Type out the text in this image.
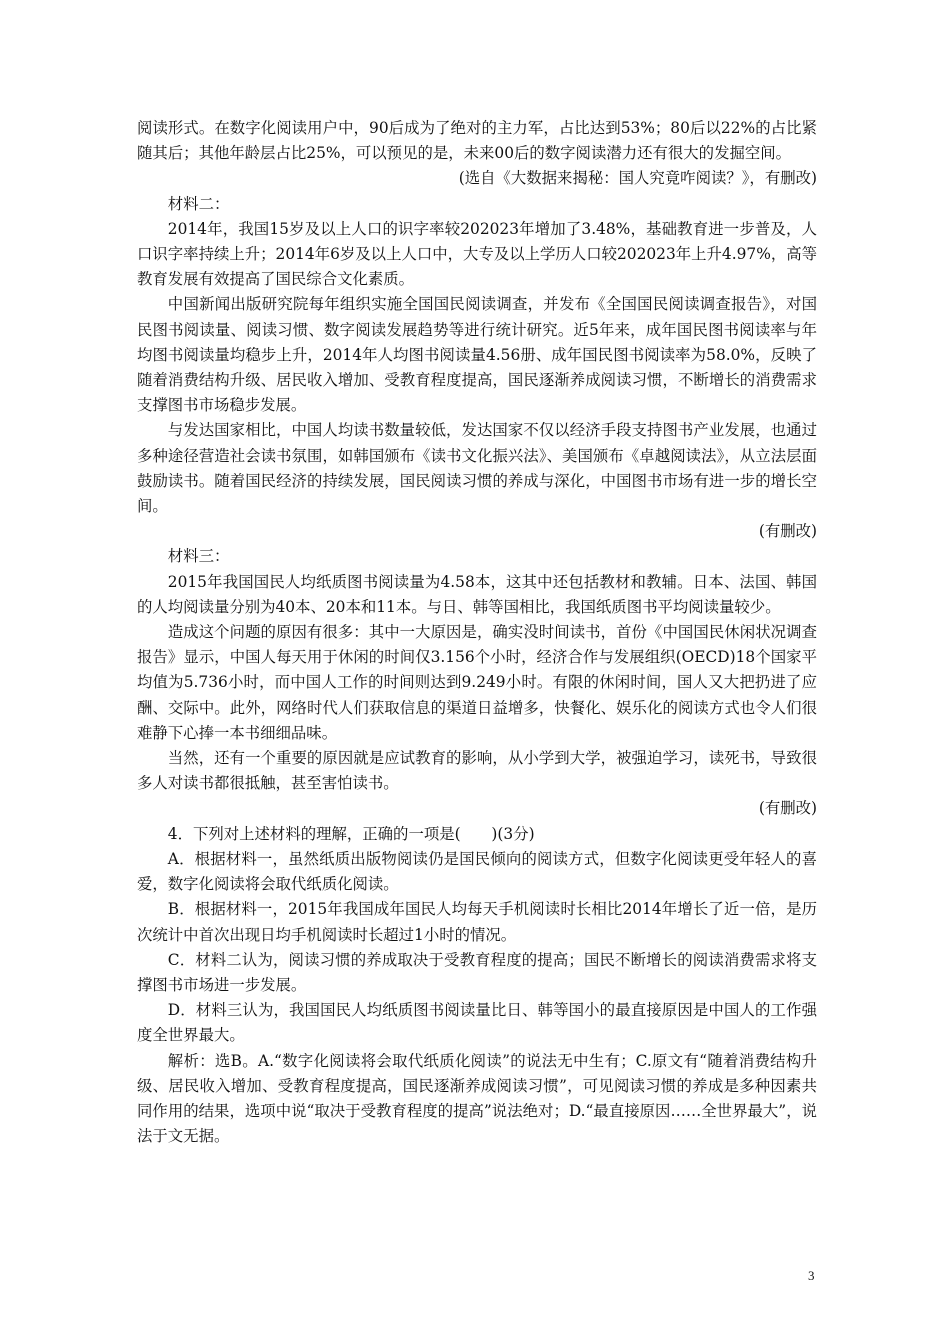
阅读形式。在数字化阅读用户中，90后成为了绝对的主力军，占比达到53%；80后以22%的占比紧随其后；其他年龄层占比25%，可以预见的是，未来00后的数字阅读潜力还有很大的发掘空间。

(选自《大数据来揭秘：国人究竟咋阅读？》，有删改)

材料二：

2014年，我国15岁及以上人口的识字率较202023年增加了3.48%，基础教育进一步普及，人口识字率持续上升；2014年6岁及以上人口中，大专及以上学历人口较202023年上升4.97%，高等教育发展有效提高了国民综合文化素质。

中国新闻出版研究院每年组织实施全国国民阅读调查，并发布《全国国民阅读调查报告》，对国民图书阅读量、阅读习惯、数字阅读发展趋势等进行统计研究。近5年来，成年国民图书阅读率与年均图书阅读量均稳步上升，2014年人均图书阅读量4.56册、成年国民图书阅读率为58.0%，反映了随着消费结构升级、居民收入增加、受教育程度提高，国民逐渐养成阅读习惯，不断增长的消费需求支撑图书市场稳步发展。

与发达国家相比，中国人均读书数量较低，发达国家不仅以经济手段支持图书产业发展，也通过多种途径营造社会读书氛围，如韩国颁布《读书文化振兴法》、美国颁布《卓越阅读法》，从立法层面鼓励读书。随着国民经济的持续发展，国民阅读习惯的养成与深化，中国图书市场有进一步的增长空间。

(有删改)

材料三：

2015年我国国民人均纸质图书阅读量为4.58本，这其中还包括教材和教辅。日本、法国、韩国的人均阅读量分别为40本、20本和11本。与日、韩等国相比，我国纸质图书平均阅读量较少。

造成这个问题的原因有很多：其中一大原因是，确实没时间读书，首份《中国国民休闲状况调查报告》显示，中国人每天用于休闲的时间仅3.156个小时，经济合作与发展组织(OECD)18个国家平均值为5.736小时，而中国人工作的时间则达到9.249小时。有限的休闲时间，国人又大把扔进了应酬、交际中。此外，网络时代人们获取信息的渠道日益增多，快餐化、娱乐化的阅读方式也令人们很难静下心捧一本书细细品味。

当然，还有一个重要的原因就是应试教育的影响，从小学到大学，被强迫学习，读死书，导致很多人对读书都很抵触，甚至害怕读书。

(有删改)

4．下列对上述材料的理解，正确的一项是(　　)(3分)

A．根据材料一，虽然纸质出版物阅读仍是国民倾向的阅读方式，但数字化阅读更受年轻人的喜爱，数字化阅读将会取代纸质化阅读。

B．根据材料一，2015年我国成年国民人均每天手机阅读时长相比2014年增长了近一倍，是历次统计中首次出现日均手机阅读时长超过1小时的情况。

C．材料二认为，阅读习惯的养成取决于受教育程度的提高；国民不断增长的阅读消费需求将支撑图书市场进一步发展。

D．材料三认为，我国国民人均纸质图书阅读量比日、韩等国小的最直接原因是中国人的工作强度全世界最大。

解析：选B。A.“数字化阅读将会取代纸质化阅读”的说法无中生有；C.原文有“随着消费结构升级、居民收入增加、受教育程度提高，国民逐渐养成阅读习惯”，可见阅读习惯的养成是多种因素共同作用的结果，选项中说“取决于受教育程度的提高”说法绝对；D.“最直接原因……全世界最大”，说法于文无据。

3
